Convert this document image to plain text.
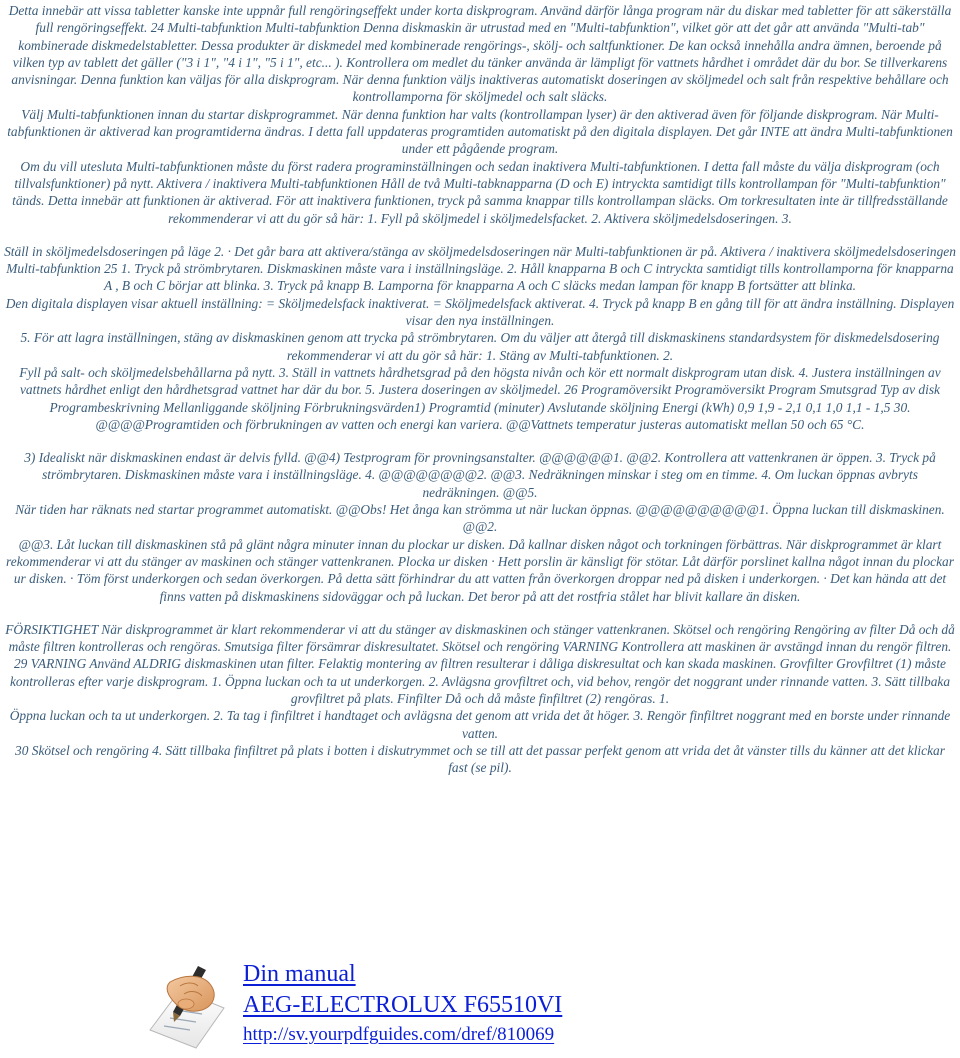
Detta innebär att vissa tabletter kanske inte uppnår full rengöringseffekt under korta diskprogram. Använd därför långa program när du diskar med tabletter för att säkerställa full rengöringseffekt. 24 Multi-tabfunktion Multi-tabfunktion Denna diskmaskin är utrustad med en "Multi-tabfunktion", vilket gör att det går att använda "Multi-tab" kombinerade diskmedelstabletter. Dessa produkter är diskmedel med kombinerade rengörings-, skölj- och saltfunktioner. De kan också innehålla andra ämnen, beroende på vilken typ av tablett det gäller ("3 i 1", "4 i 1", "5 i 1", etc... ). Kontrollera om medlet du tänker använda är lämpligt för vattnets hårdhet i området där du bor. Se tillverkarens anvisningar. Denna funktion kan väljas för alla diskprogram. När denna funktion väljs inaktiveras automatiskt doseringen av sköljmedel och salt från respektive behållare och kontrollamporna för sköljmedel och salt släcks.

Välj Multi-tabfunktionen innan du startar diskprogrammet. När denna funktion har valts (kontrollampan lyser) är den aktiverad även för följande diskprogram. När Multi-tabfunktionen är aktiverad kan programtiderna ändras. I detta fall uppdateras programtiden automatiskt på den digitala displayen. Det går INTE att ändra Multi-tabfunktionen under ett pågående program.

Om du vill utesluta Multi-tabfunktionen måste du först radera programinställningen och sedan inaktivera Multi-tabfunktionen. I detta fall måste du välja diskprogram (och tillvalsfunktioner) på nytt. Aktivera / inaktivera Multi-tabfunktionen Håll de två Multi-tabknapparna (D och E) intryckta samtidigt tills kontrollampan för "Multi-tabfunktion" tänds. Detta innebär att funktionen är aktiverad. För att inaktivera funktionen, tryck på samma knappar tills kontrollampan släcks. Om torkresultaten inte är tillfredsställande rekommenderar vi att du gör så här: 1. Fyll på sköljmedel i sköljmedelsfacket. 2. Aktivera sköljmedelsdoseringen. 3.

Ställ in sköljmedelsdoseringen på läge 2. · Det går bara att aktivera/stänga av sköljmedelsdoseringen när Multi-tabfunktionen är på. Aktivera / inaktivera sköljmedelsdoseringen Multi-tabfunktion 25 1. Tryck på strömbrytaren. Diskmaskinen måste vara i inställningsläge. 2. Håll knapparna B och C intryckta samtidigt tills kontrollamporna för knapparna A , B och C börjar att blinka. 3. Tryck på knapp B. Lamporna för knapparna A och C släcks medan lampan för knapp B fortsätter att blinka.

Den digitala displayen visar aktuell inställning: = Sköljmedelsfack inaktiverat. = Sköljmedelsfack aktiverat. 4. Tryck på knapp B en gång till för att ändra inställning. Displayen visar den nya inställningen.

5. För att lagra inställningen, stäng av diskmaskinen genom att trycka på strömbrytaren. Om du väljer att återgå till diskmaskinens standardsystem för diskmedelsdosering rekommenderar vi att du gör så här: 1. Stäng av Multi-tabfunktionen. 2.

Fyll på salt- och sköljmedelsbehållarna på nytt. 3. Ställ in vattnets hårdhetsgrad på den högsta nivån och kör ett normalt diskprogram utan disk. 4. Justera inställningen av vattnets hårdhet enligt den hårdhetsgrad vattnet har där du bor. 5. Justera doseringen av sköljmedel. 26 Programöversikt Programöversikt Program Smutsgrad Typ av disk Programbeskrivning Mellanliggande sköljning Förbrukningsvärden1) Programtid (minuter) Avslutande sköljning Energi (kWh) 0,9 1,9 - 2,1 0,1 1,0 1,1 - 1,5 30. @@@@Programtiden och förbrukningen av vatten och energi kan variera. @@Vattnets temperatur justeras automatiskt mellan 50 och 65 °C.

3) Idealiskt när diskmaskinen endast är delvis fylld. @@4) Testprogram för provningsanstalter. @@@@@@1. @@2. Kontrollera att vattenkranen är öppen. 3. Tryck på strömbrytaren. Diskmaskinen måste vara i inställningsläge. 4. @@@@@@@@2. @@3. Nedräkningen minskar i steg om en timme. 4. Om luckan öppnas avbryts nedräkningen. @@5.

När tiden har räknats ned startar programmet automatiskt. @@Obs! Het ånga kan strömma ut när luckan öppnas. @@@@@@@@@@1. Öppna luckan till diskmaskinen. @@2.

@@3. Låt luckan till diskmaskinen stå på glänt några minuter innan du plockar ur disken. Då kallnar disken något och torkningen förbättras. När diskprogrammet är klart rekommenderar vi att du stänger av maskinen och stänger vattenkranen. Plocka ur disken · Hett porslin är känsligt för stötar. Låt därför porslinet kallna något innan du plockar ur disken. · Töm först underkorgen och sedan överkorgen. På detta sätt förhindrar du att vatten från överkorgen droppar ned på disken i underkorgen. · Det kan hända att det finns vatten på diskmaskinens sidoväggar och på luckan. Det beror på att det rostfria stålet har blivit kallare än disken.

FÖRSIKTIGHET När diskprogrammet är klart rekommenderar vi att du stänger av diskmaskinen och stänger vattenkranen. Skötsel och rengöring Rengöring av filter Då och då måste filtren kontrolleras och rengöras. Smutsiga filter försämrar diskresultatet. Skötsel och rengöring VARNING Kontrollera att maskinen är avstängd innan du rengör filtren. 29 VARNING Använd ALDRIG diskmaskinen utan filter. Felaktig montering av filtren resulterar i dåliga diskresultat och kan skada maskinen. Grovfilter Grovfiltret (1) måste kontrolleras efter varje diskprogram. 1. Öppna luckan och ta ut underkorgen. 2. Avlägsna grovfiltret och, vid behov, rengör det noggrant under rinnande vatten. 3. Sätt tillbaka grovfiltret på plats. Finfilter Då och då måste finfiltret (2) rengöras. 1.

Öppna luckan och ta ut underkorgen. 2. Ta tag i finfiltret i handtaget och avlägsna det genom att vrida det åt höger. 3. Rengör finfiltret noggrant med en borste under rinnande vatten.

30 Skötsel och rengöring 4. Sätt tillbaka finfiltret på plats i botten i diskutrymmet och se till att det passar perfekt genom att vrida det åt vänster tills du känner att det klickar fast (se pil).

Din manual
AEG-ELECTROLUX F65510VI
http://sv.yourpdfguides.com/dref/810069
